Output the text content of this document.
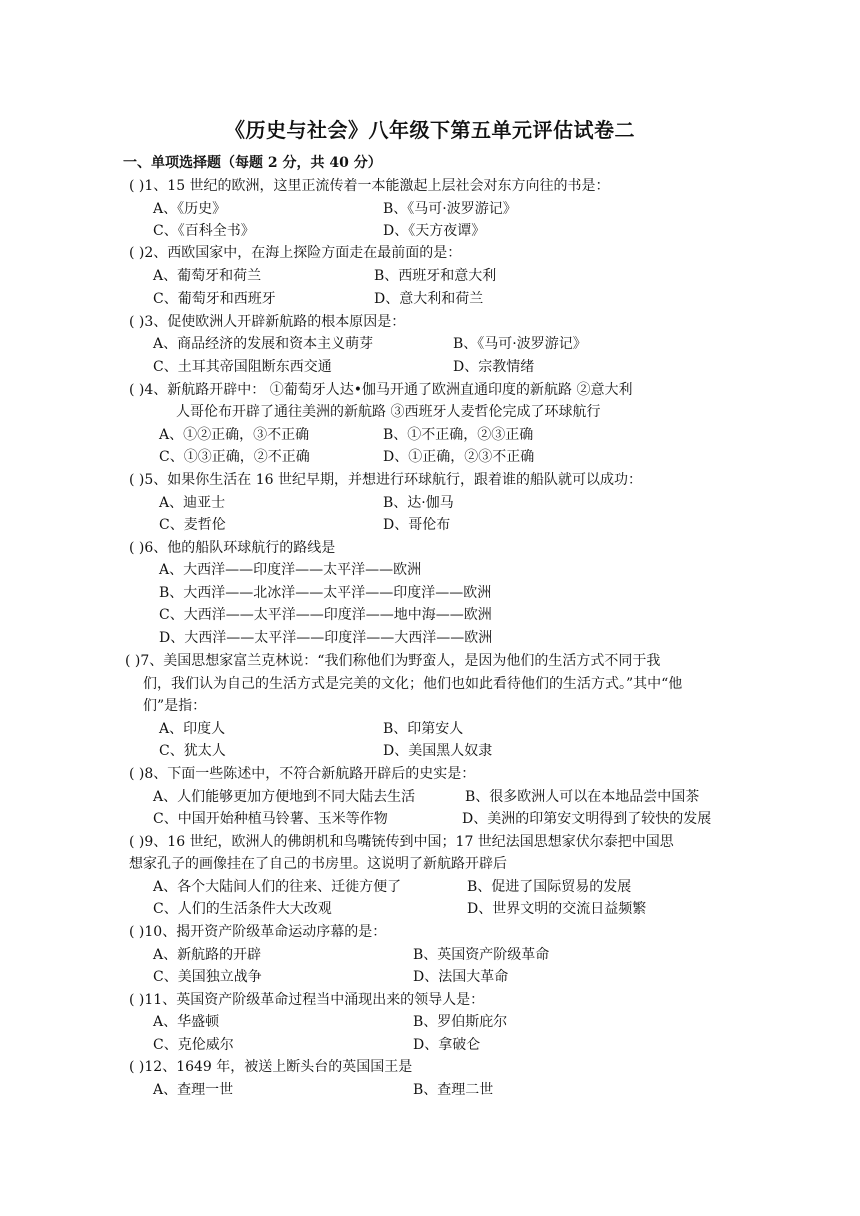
《历史与社会》八年级下第五单元评估试卷二
一、单项选择题（每题 2 分，共 40 分）
( )1、15 世纪的欧洲，这里正流传着一本能激起上层社会对东方向往的书是：
A、《历史》	B、《马可·波罗游记》
C、《百科全书》	D、《天方夜谭》
( )2、西欧国家中，在海上探险方面走在最前面的是：
A、葡萄牙和荷兰	B、西班牙和意大利
C、葡萄牙和西班牙	D、意大利和荷兰
( )3、促使欧洲人开辟新航路的根本原因是：
A、商品经济的发展和资本主义萌芽	B、《马可·波罗游记》
C、土耳其帝国阻断东西交通	D、宗教情绪
( )4、新航路开辟中： ①葡萄牙人达•伽马开通了欧洲直通印度的新航路 ②意大利
人哥伦布开辟了通往美洲的新航路 ③西班牙人麦哲伦完成了环球航行
A、①②正确，③不正确	B、①不正确，②③正确
C、①③正确，②不正确	D、①正确，②③不正确
( )5、如果你生活在 16 世纪早期，并想进行环球航行，跟着谁的船队就可以成功：
A、迪亚士	B、达·伽马
C、麦哲伦	D、哥伦布
( )6、他的船队环球航行的路线是
A、大西洋——印度洋——太平洋——欧洲
B、大西洋——北冰洋——太平洋——印度洋——欧洲
C、大西洋——太平洋——印度洋——地中海——欧洲
D、大西洋——太平洋——印度洋——大西洋——欧洲
( )7、美国思想家富兰克林说：“我们称他们为野蛮人，是因为他们的生活方式不同于我
们，我们认为自己的生活方式是完美的文化；他们也如此看待他们的生活方式。”其中“他
们”是指：
A、印度人	B、印第安人
C、犹太人	D、美国黑人奴隶
( )8、下面一些陈述中，不符合新航路开辟后的史实是：
A、人们能够更加方便地到不同大陆去生活	B、很多欧洲人可以在本地品尝中国茶
C、中国开始种植马铃薯、玉米等作物	D、美洲的印第安文明得到了较快的发展
( )9、16 世纪，欧洲人的佛朗机和鸟嘴铳传到中国；17 世纪法国思想家伏尔泰把中国思
想家孔子的画像挂在了自己的书房里。这说明了新航路开辟后
A、各个大陆间人们的往来、迁徙方便了	B、促进了国际贸易的发展
C、人们的生活条件大大改观	D、世界文明的交流日益频繁
( )10、揭开资产阶级革命运动序幕的是：
A、新航路的开辟	B、英国资产阶级革命
C、美国独立战争	D、法国大革命
( )11、英国资产阶级革命过程当中涌现出来的领导人是：
A、华盛顿	B、罗伯斯庇尔
C、克伦威尔	D、拿破仑
( )12、1649 年，被送上断头台的英国国王是
A、查理一世	B、查理二世
